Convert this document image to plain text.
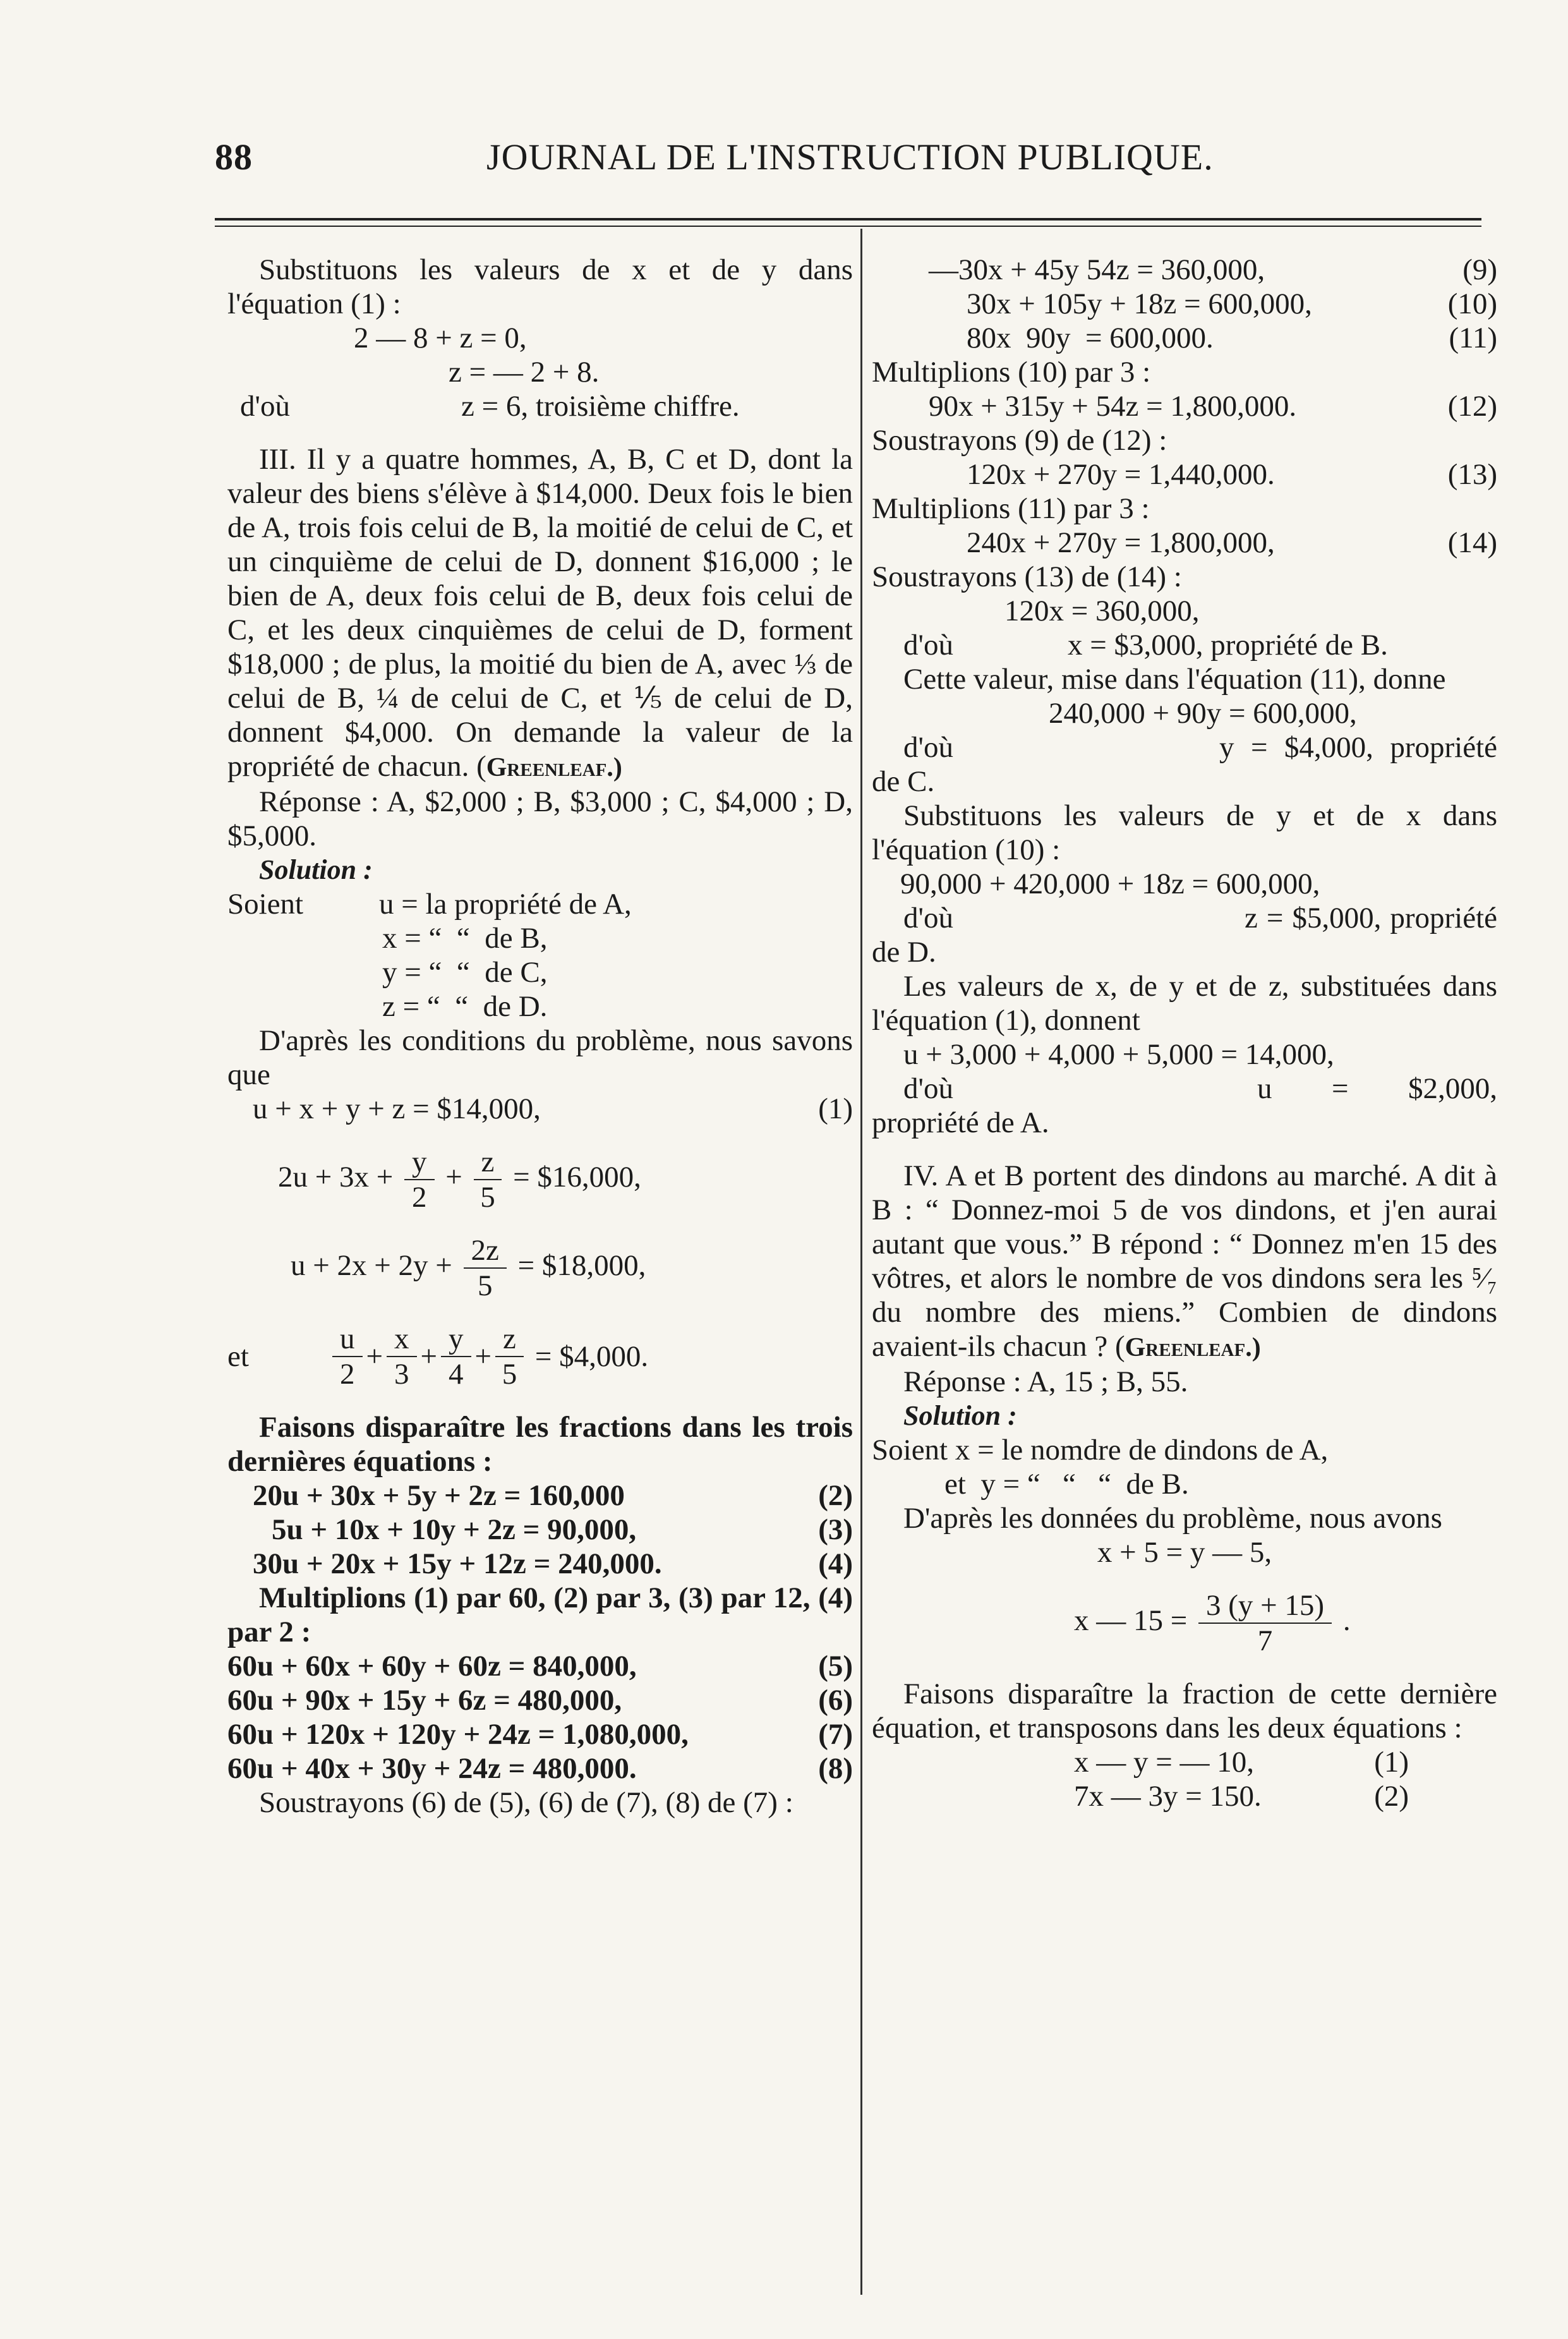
88	JOURNAL DE L'INSTRUCTION PUBLIQUE.

Substituons les valeurs de x et de y dans l'équation (1) :

2 — 8 + z = 0,
z = — 2 + 8.
d'où	z = 6, troisième chiffre.

III. Il y a quatre hommes, A, B, C et D, dont la valeur des biens s'élève à $14,000. Deux fois le bien de A, trois fois celui de B, la moitié de celui de C, et un cinquième de celui de D, donnent $16,000 ; le bien de A, deux fois celui de B, deux fois celui de C, et les deux cinquièmes de celui de D, forment $18,000 ; de plus, la moitié du bien de A, avec ⅓ de celui de B, ¼ de celui de C, et ⅕ de celui de D, donnent $4,000. On demande la valeur de la propriété de chacun. (Greenleaf.)

Réponse : A, $2,000 ; B, $3,000 ; C, $4,000 ; D, $5,000.

Solution :

Soient	u = la propriété de A,
x = “  “  de B,
y = “  “  de C,
z = “  “  de D.

D'après les conditions du problème, nous savons que

u + x + y + z = $14,000,	(1)
$2u + 3x + \frac{y}{2} + \frac{z}{5}$ = $16,000,
$u + 2x + 2y + \frac{2z}{5}$ = $18,000,
et	$\frac{u}{2} + \frac{x}{3} + \frac{y}{4} + \frac{z}{5}$ = $4,000.

Faisons disparaître les fractions dans les trois dernières équations :

20u + 30x + 5y + 2z = 160,000	(2)
5u + 10x + 10y + 2z = 90,000,	(3)
30u + 20x + 15y + 12z = 240,000.	(4)

Multiplions (1) par 60, (2) par 3, (3) par 12, (4) par 2 :

60u + 60x + 60y + 60z = 840,000,	(5)
60u + 90x + 15y + 6z = 480,000,	(6)
60u + 120x + 120y + 24z = 1,080,000,	(7)
60u + 40x + 30y + 24z = 480,000.	(8)

Soustrayons (6) de (5), (6) de (7), (8) de (7) :

—30x + 45y 54z = 360,000,	(9)
30x + 105y + 18z = 600,000,	(10)
80x  90y  = 600,000.	(11)

Multiplions (10) par 3 :

90x + 315y + 54z = 1,800,000.	(12)

Soustrayons (9) de (12) :

120x + 270y = 1,440,000.	(13)

Multiplions (11) par 3 :

240x + 270y = 1,800,000,	(14)

Soustrayons (13) de (14) :

120x = 360,000,
d'où	x = $3,000, propriété de B.

Cette valeur, mise dans l'équation (11), donne

240,000 + 90y = 600,000,

d'où	y = $4,000, propriété de C.

Substituons les valeurs de y et de x dans l'équation (10) :

90,000 + 420,000 + 18z = 600,000,

d'où	z = $5,000, propriété de D.

Les valeurs de x, de y et de z, substituées dans l'équation (1), donnent

u + 3,000 + 4,000 + 5,000 = 14,000,

d'où	u = $2,000, propriété de A.

IV. A et B portent des dindons au marché. A dit à B : “ Donnez-moi 5 de vos dindons, et j'en aurai autant que vous.” B répond : “ Donnez m'en 15 des vôtres, et alors le nombre de vos dindons sera les ⁵⁄₇ du nombre des miens.” Combien de dindons avaient-ils chacun ? (Greenleaf.)

Réponse : A, 15 ; B, 55.

Solution :

Soient x = le nomdre de dindons de A,
et  y = “   “   “  de B.

D'après les données du problème, nous avons

x + 5 = y — 5,
x — $15 = \frac{3 (y + 15)}{7}$ .

Faisons disparaître la fraction de cette dernière équation, et transposons dans les deux équations :

x — y = — 10,	(1)
7x — 3y = 150.	(2)
